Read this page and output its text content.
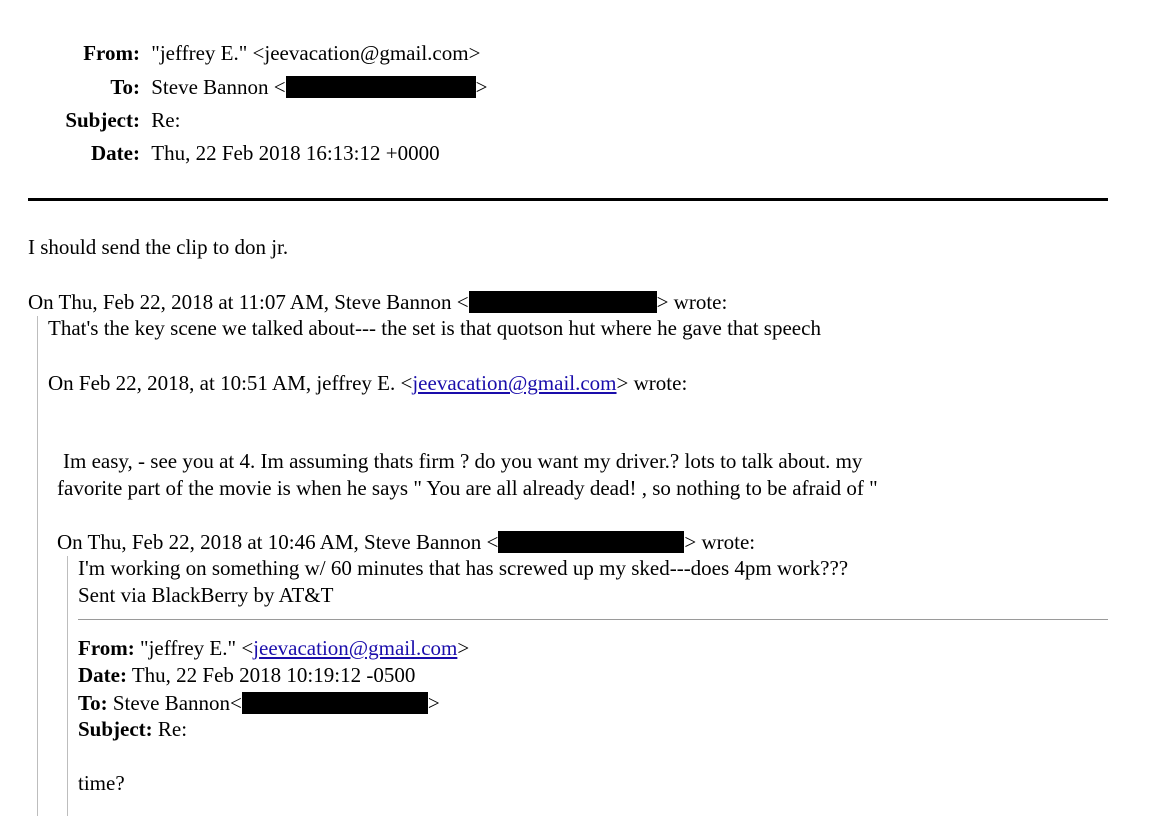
From: "jeffrey E." <jeevacation@gmail.com>
To: Steve Bannon <	>
Subject: Re:
Date: Thu, 22 Feb 2018 16:13:12 +0000
I should send the clip to don jr.
On Thu, Feb 22, 2018 at 11:07 AM, Steve Bannon <	> wrote:
That's the key scene we talked about--- the set is that quotson hut where he gave that speech
On Feb 22, 2018, at 10:51 AM, jeffrey E. <jeevacation@gmail.com> wrote:
Im easy, - see you at 4. Im assuming thats firm ? do you want my driver.? lots to talk about. my
favorite part of the movie is when he says " You are all already dead! , so nothing to be afraid of "
On Thu, Feb 22, 2018 at 10:46 AM, Steve Bannon <	> wrote:
I'm working on something w/ 60 minutes that has screwed up my sked---does 4pm work???
Sent via BlackBerry by AT&T
From: "jeffrey E." <jeevacation@gmail.com>
Date: Thu, 22 Feb 2018 10:19:12 -0500
To: Steve Bannon<	>
Subject: Re:
time?
